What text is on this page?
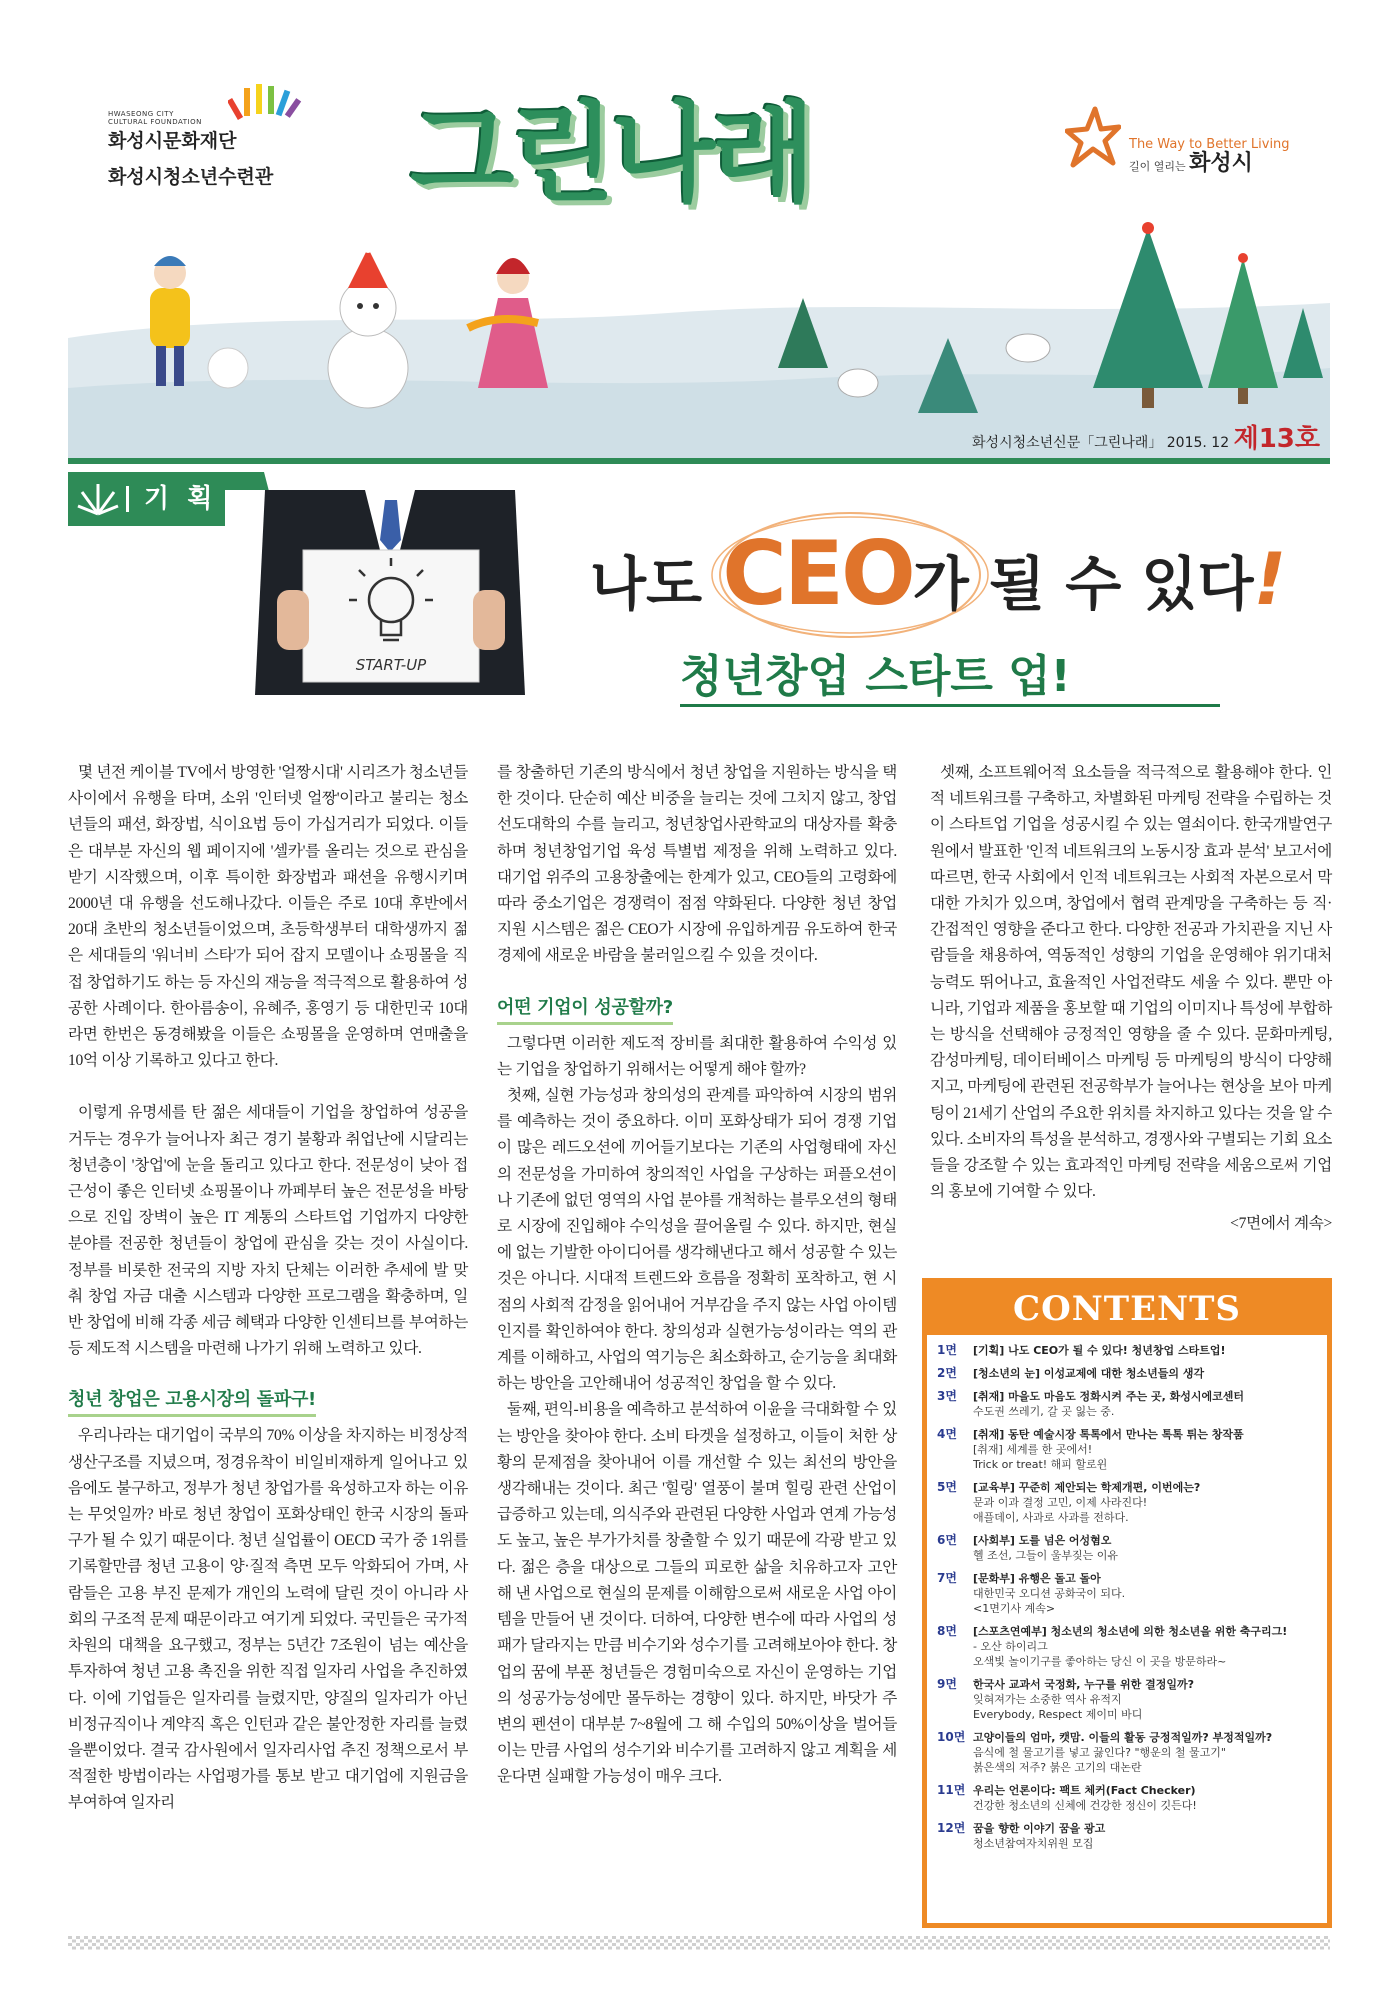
HWASEONG CITY
CULTURAL FOUNDATION
화성시문화재단
화성시청소년수련관 그린나래	The Way to Better Living
길이 열리는 화성시
화성시청소년신문「그린나래」 2015. 12 제13호
기  획
START-UP
나도 CEO가 될 수 있다!
청년창업 스타트 업!

몇 년전 케이블 TV에서 방영한 '얼짱시대' 시리즈가 청소년들 사이에서 유행을 타며, 소위 '인터넷 얼짱'이라고 불리는 청소년들의 패션, 화장법, 식이요법 등이 가십거리가 되었다. 이들은 대부분 자신의 웹 페이지에 '셀카'를 올리는 것으로 관심을 받기 시작했으며, 이후 특이한 화장법과 패션을 유행시키며 2000년 대 유행을 선도해나갔다. 이들은 주로 10대 후반에서 20대 초반의 청소년들이었으며, 초등학생부터 대학생까지 젊은 세대들의 '워너비 스타'가 되어 잡지 모델이나 쇼핑몰을 직접 창업하기도 하는 등 자신의 재능을 적극적으로 활용하여 성공한 사례이다. 한아름송이, 유혜주, 홍영기 등 대한민국 10대라면 한번은 동경해봤을 이들은 쇼핑몰을 운영하며 연매출을 10억 이상 기록하고 있다고 한다.

이렇게 유명세를 탄 젊은 세대들이 기업을 창업하여 성공을 거두는 경우가 늘어나자 최근 경기 불황과 취업난에 시달리는 청년층이 '창업'에 눈을 돌리고 있다고 한다. 전문성이 낮아 접근성이 좋은 인터넷 쇼핑몰이나 까페부터 높은 전문성을 바탕으로 진입 장벽이 높은 IT 계통의 스타트업 기업까지 다양한 분야를 전공한 청년들이 창업에 관심을 갖는 것이 사실이다. 정부를 비롯한 전국의 지방 자치 단체는 이러한 추세에 발 맞춰 창업 자금 대출 시스템과 다양한 프로그램을 확충하며, 일반 창업에 비해 각종 세금 혜택과 다양한 인센티브를 부여하는 등 제도적 시스템을 마련해 나가기 위해 노력하고 있다.

청년 창업은 고용시장의 돌파구!

우리나라는 대기업이 국부의 70% 이상을 차지하는 비정상적 생산구조를 지녔으며, 정경유착이 비일비재하게 일어나고 있음에도 불구하고, 정부가 청년 창업가를 육성하고자 하는 이유는 무엇일까? 바로 청년 창업이 포화상태인 한국 시장의 돌파구가 될 수 있기 때문이다. 청년 실업률이 OECD 국가 중 1위를 기록할만큼 청년 고용이 양·질적 측면 모두 악화되어 가며, 사람들은 고용 부진 문제가 개인의 노력에 달린 것이 아니라 사회의 구조적 문제 때문이라고 여기게 되었다. 국민들은 국가적 차원의 대책을 요구했고, 정부는 5년간 7조원이 넘는 예산을 투자하여 청년 고용 촉진을 위한 직접 일자리 사업을 추진하였다. 이에 기업들은 일자리를 늘렸지만, 양질의 일자리가 아닌 비정규직이나 계약직 혹은 인턴과 같은 불안정한 자리를 늘렸을뿐이었다. 결국 감사원에서 일자리사업 추진 정책으로서 부적절한 방법이라는 사업평가를 통보 받고 대기업에 지원금을 부여하여 일자리

를 창출하던 기존의 방식에서 청년 창업을 지원하는 방식을 택한 것이다. 단순히 예산 비중을 늘리는 것에 그치지 않고, 창업선도대학의 수를 늘리고, 청년창업사관학교의 대상자를 확충하며 청년창업기업 육성 특별법 제정을 위해 노력하고 있다. 대기업 위주의 고용창출에는 한계가 있고, CEO들의 고령화에 따라 중소기업은 경쟁력이 점점 약화된다. 다양한 청년 창업 지원 시스템은 젊은 CEO가 시장에 유입하게끔 유도하여 한국 경제에 새로운 바람을 불러일으킬 수 있을 것이다.

어떤 기업이 성공할까?

그렇다면 이러한 제도적 장비를 최대한 활용하여 수익성 있는 기업을 창업하기 위해서는 어떻게 해야 할까?

첫째, 실현 가능성과 창의성의 관계를 파악하여 시장의 범위를 예측하는 것이 중요하다. 이미 포화상태가 되어 경쟁 기업이 많은 레드오션에 끼어들기보다는 기존의 사업형태에 자신의 전문성을 가미하여 창의적인 사업을 구상하는 퍼플오션이나 기존에 없던 영역의 사업 분야를 개척하는 블루오션의 형태로 시장에 진입해야 수익성을 끌어올릴 수 있다. 하지만, 현실에 없는 기발한 아이디어를 생각해낸다고 해서 성공할 수 있는 것은 아니다. 시대적 트렌드와 흐름을 정확히 포착하고, 현 시점의 사회적 감정을 읽어내어 거부감을 주지 않는 사업 아이템인지를 확인하여야 한다. 창의성과 실현가능성이라는 역의 관계를 이해하고, 사업의 역기능은 최소화하고, 순기능을 최대화하는 방안을 고안해내어 성공적인 창업을 할 수 있다.

둘째, 편익-비용을 예측하고 분석하여 이윤을 극대화할 수 있는 방안을 찾아야 한다. 소비 타겟을 설정하고, 이들이 처한 상황의 문제점을 찾아내어 이를 개선할 수 있는 최선의 방안을 생각해내는 것이다. 최근 '힐링' 열풍이 불며 힐링 관련 산업이 급증하고 있는데, 의식주와 관련된 다양한 사업과 연계 가능성도 높고, 높은 부가가치를 창출할 수 있기 때문에 각광 받고 있다. 젊은 층을 대상으로 그들의 피로한 삶을 치유하고자 고안해 낸 사업으로 현실의 문제를 이해함으로써 새로운 사업 아이템을 만들어 낸 것이다. 더하여, 다양한 변수에 따라 사업의 성패가 달라지는 만큼 비수기와 성수기를 고려해보아야 한다. 창업의 꿈에 부푼 청년들은 경험미숙으로 자신이 운영하는 기업의 성공가능성에만 몰두하는 경향이 있다. 하지만, 바닷가 주변의 펜션이 대부분 7~8월에 그 해 수입의 50%이상을 벌어들이는 만큼 사업의 성수기와 비수기를 고려하지 않고 계획을 세운다면 실패할 가능성이 매우 크다.

셋째, 소프트웨어적 요소들을 적극적으로 활용해야 한다. 인적 네트워크를 구축하고, 차별화된 마케팅 전략을 수립하는 것이 스타트업 기업을 성공시킬 수 있는 열쇠이다. 한국개발연구원에서 발표한 '인적 네트워크의 노동시장 효과 분석' 보고서에 따르면, 한국 사회에서 인적 네트워크는 사회적 자본으로서 막대한 가치가 있으며, 창업에서 협력 관계망을 구축하는 등 직·간접적인 영향을 준다고 한다. 다양한 전공과 가치관을 지닌 사람들을 채용하여, 역동적인 성향의 기업을 운영해야 위기대처능력도 뛰어나고, 효율적인 사업전략도 세울 수 있다. 뿐만 아니라, 기업과 제품을 홍보할 때 기업의 이미지나 특성에 부합하는 방식을 선택해야 긍정적인 영향을 줄 수 있다. 문화마케팅, 감성마케팅, 데이터베이스 마케팅 등 마케팅의 방식이 다양해지고, 마케팅에 관련된 전공학부가 늘어나는 현상을 보아 마케팅이 21세기 산업의 주요한 위치를 차지하고 있다는 것을 알 수 있다. 소비자의 특성을 분석하고, 경쟁사와 구별되는 기회 요소들을 강조할 수 있는 효과적인 마케팅 전략을 세움으로써 기업의 홍보에 기여할 수 있다.

<7면에서 계속>
CONTENTS
1면	[기획] 나도 CEO가 될 수 있다! 청년창업 스타트업!
2면	[청소년의 눈] 이성교제에 대한 청소년들의 생각
3면	[취재] 마을도 마음도 정화시켜 주는 곳, 화성시에코센터
수도권 쓰레기, 갈 곳 잃는 중.
4면	[취재] 동탄 예술시장 톡톡에서 만나는 톡톡 튀는 창작품
[취재] 세계를 한 곳에서!
Trick or treat! 해피 할로윈
5면	[교육부] 꾸준히 제안되는 학제개편, 이번에는?
문과 이과 결정 고민, 이제 사라진다!
애플데이, 사과로 사과를 전하다.
6면	[사회부] 도를 넘은 어성혐오
헬 조선, 그들이 울부짖는 이유
7면	[문화부] 유행은 돌고 돌아
대한민국 오디션 공화국이 되다.
<1면기사 계속>
8면	[스포츠연예부] 청소년의 청소년에 의한 청소년을 위한 축구리그!
- 오산 하이리그
오색빛 놀이기구를 좋아하는 당신 이 곳을 방문하라~
9면	한국사 교과서 국정화, 누구를 위한 결정일까?
잊혀져가는 소중한 역사 유적지
Everybody, Respect 제이미 바디
10면 고양이들의 엄마, 캣맘. 이들의 활동 긍정적일까? 부정적일까?
음식에 철 물고기를 넣고 끓인다? "행운의 철 물고기"
붉은색의 저주? 붉은 고기의 대논란
11면 우리는 언론이다: 팩트 체커(Fact Checker)
건강한 청소년의 신체에 건강한 정신이 깃든다!
12면 꿈을 향한 이야기 꿈을 광고
청소년참여자치위원 모집
